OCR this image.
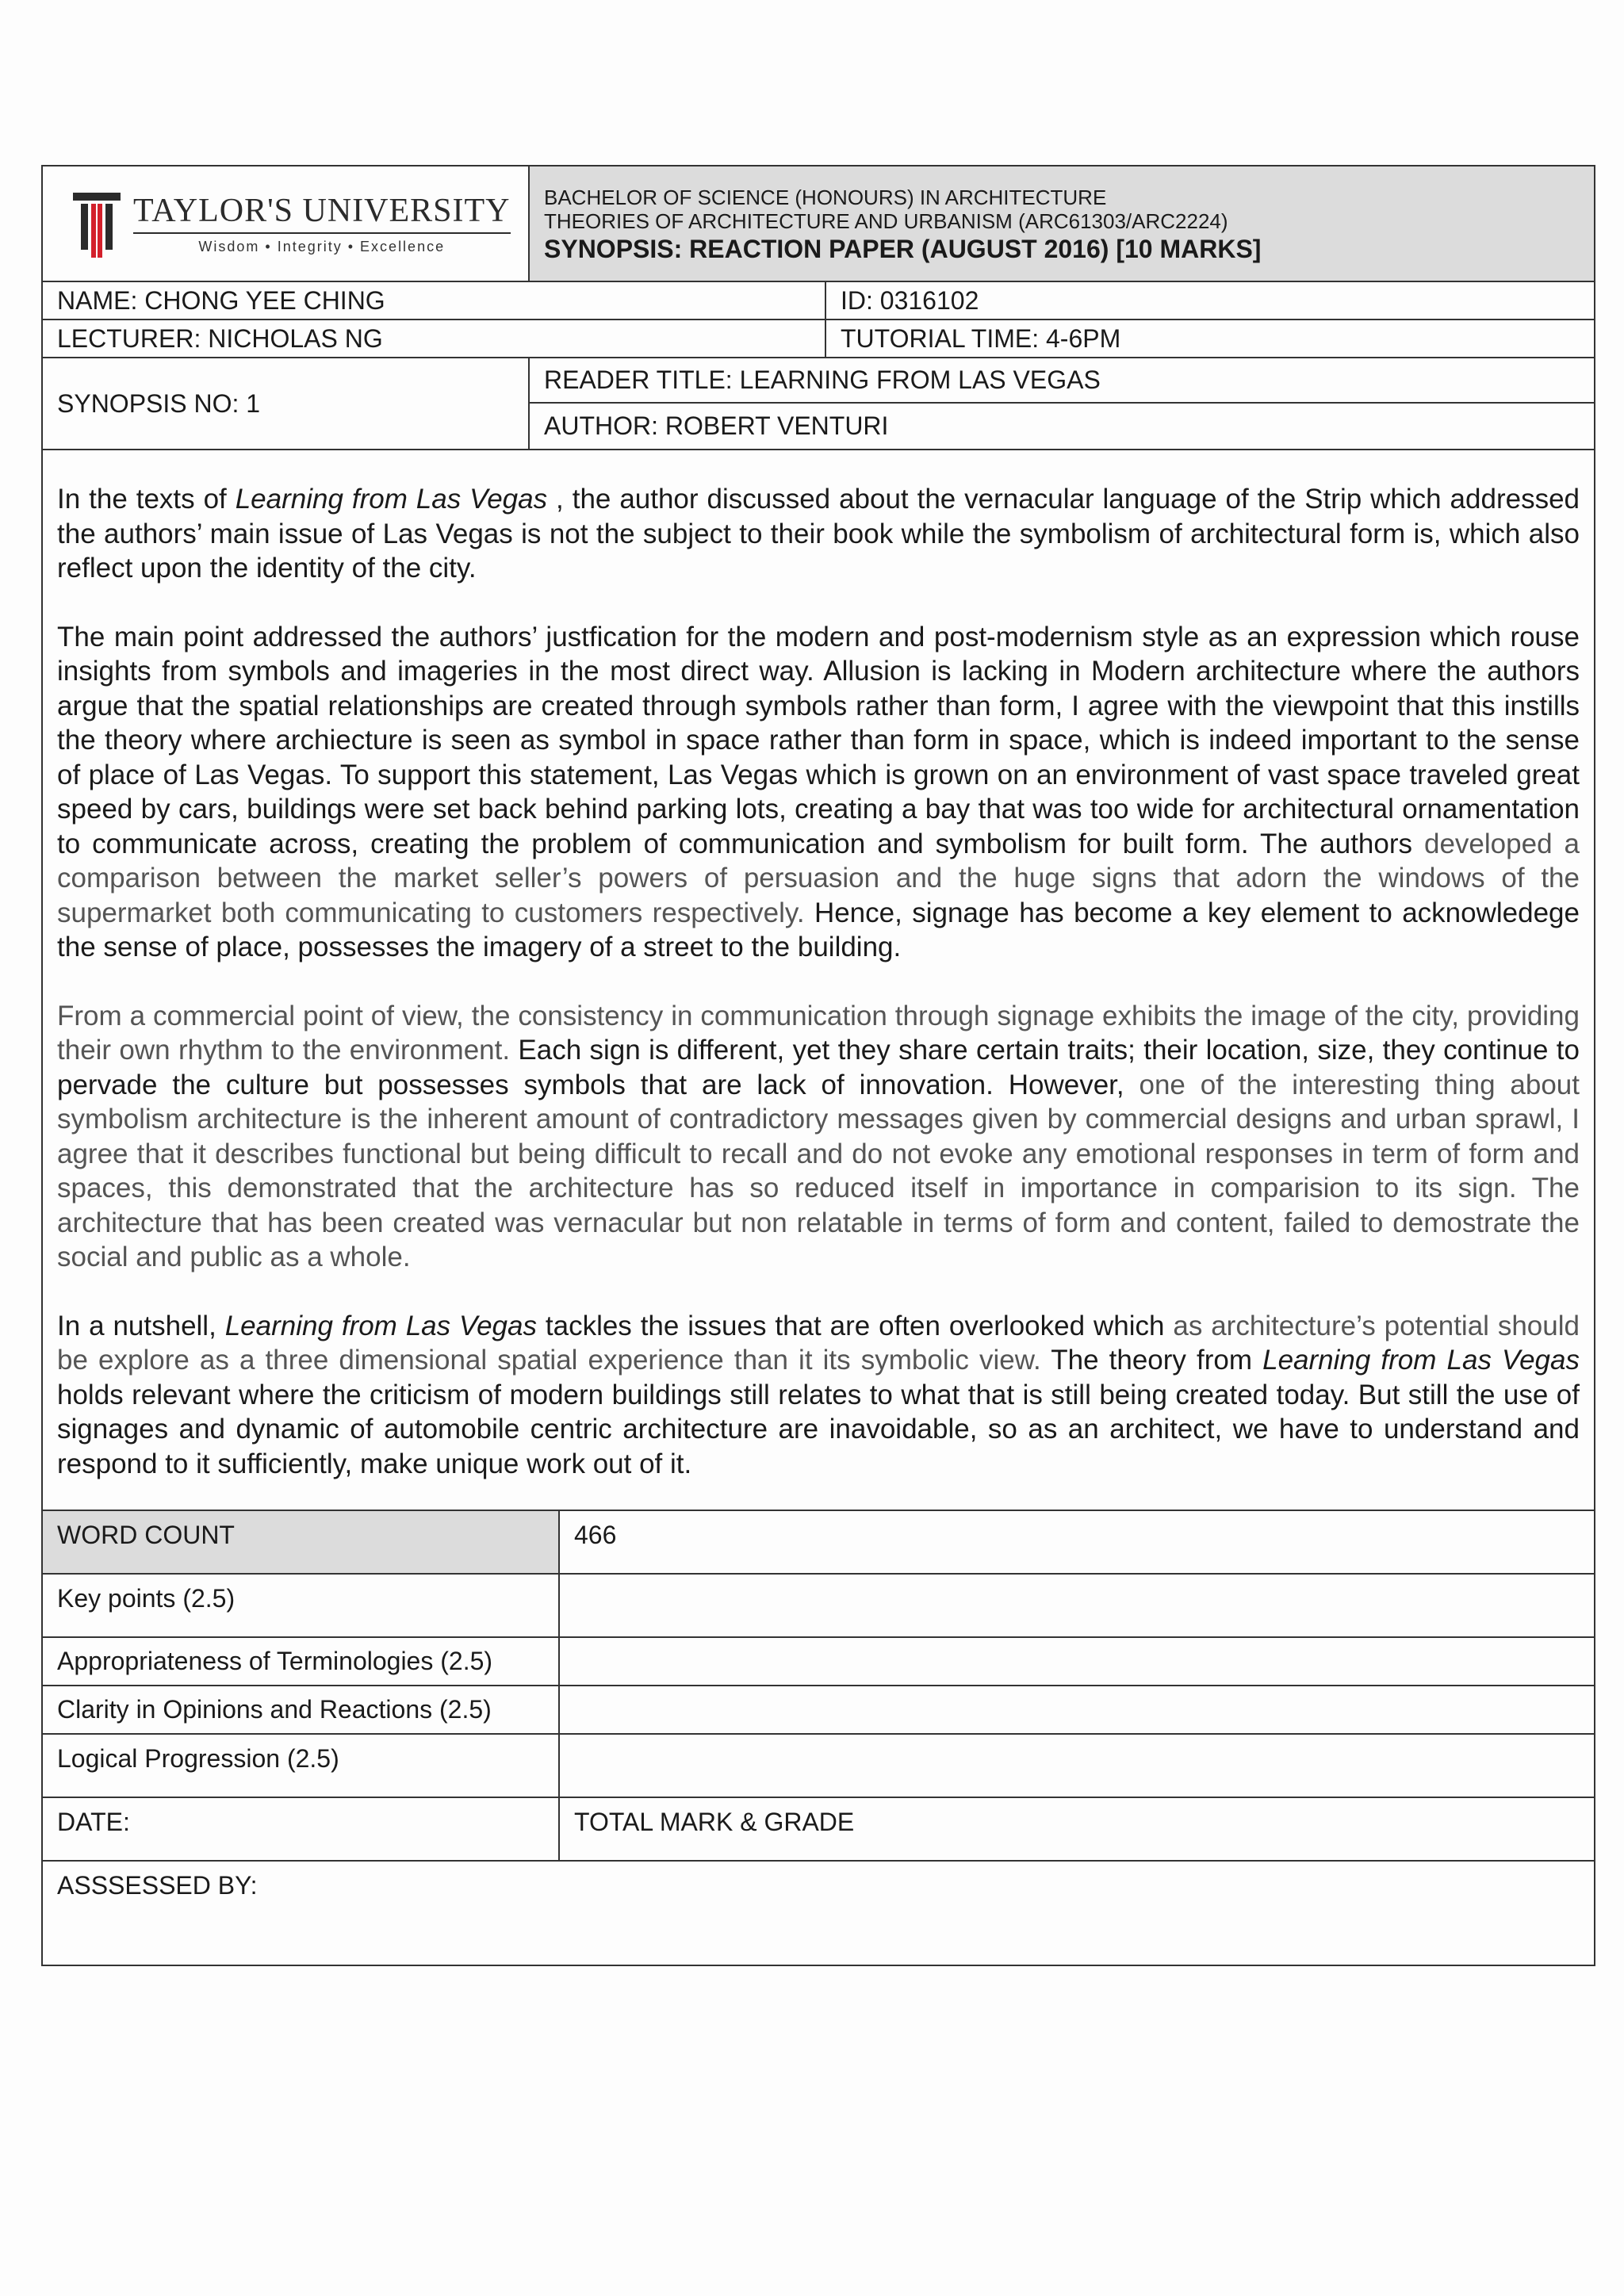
TAYLOR'S UNIVERSITY
Wisdom • Integrity • Excellence
BACHELOR OF SCIENCE (HONOURS) IN ARCHITECTURE
THEORIES OF ARCHITECTURE AND URBANISM (ARC61303/ARC2224)
SYNOPSIS: REACTION PAPER (AUGUST 2016) [10 MARKS]
NAME: CHONG YEE CHING	ID: 0316102
LECTURER: NICHOLAS NG	TUTORIAL TIME: 4-6PM
SYNOPSIS NO: 1
READER TITLE: LEARNING FROM LAS VEGAS
AUTHOR: ROBERT VENTURI

In the texts of Learning from Las Vegas , the author discussed about the vernacular language of the Strip which addressed the authors’ main issue of Las Vegas is not the subject to their book while the symbolism of architectural form is, which also reflect upon the identity of the city.

The main point addressed the authors’ justfication for the modern and post-modernism style as an expression which rouse insights from symbols and imageries in the most direct way. Allusion is lacking in Modern architecture where the authors argue that the spatial relationships are created through symbols rather than form, I agree with the viewpoint that this instills the theory where archiecture is seen as symbol in space rather than form in space, which is indeed important to the sense of place of Las Vegas. To support this statement, Las Vegas which is grown on an environment of vast space traveled great speed by cars, buildings were set back behind parking lots, creating a bay that was too wide for architectural ornamentation to communicate across, creating the problem of communication and symbolism for built form. The authors developed a comparison between the market seller’s powers of persuasion and the huge signs that adorn the windows of the supermarket both communicating to customers respectively. Hence, signage has become a key element to acknowledege the sense of place, possesses the imagery of a street to the building.

From a commercial point of view, the consistency in communication through signage exhibits the image of the city, providing their own rhythm to the environment. Each sign is different, yet they share certain traits; their location, size, they continue to pervade the culture but possesses symbols that are lack of innovation. However, one of the interesting thing about symbolism architecture is the inherent amount of contradictory messages given by commercial designs and urban sprawl, I agree that it describes functional but being difficult to recall and do not evoke any emotional responses in term of form and spaces, this demonstrated that the architecture has so reduced itself in importance in comparision to its sign. The architecture that has been created was vernacular but non relatable in terms of form and content, failed to demostrate the social and public as a whole.

In a nutshell, Learning from Las Vegas tackles the issues that are often overlooked which as architecture’s potential should be explore as a three dimensional spatial experience than it its symbolic view. The theory from Learning from Las Vegas holds relevant where the criticism of modern buildings still relates to what that is still being created today. But still the use of signages and dynamic of automobile centric architecture are inavoidable, so as an architect, we have to understand and respond to it sufficiently, make unique work out of it.

WORD COUNT	466
Key points (2.5)
Appropriateness of Terminologies (2.5)
Clarity in Opinions and Reactions (2.5)
Logical Progression (2.5)
DATE:	TOTAL MARK & GRADE
ASSSESSED BY:
